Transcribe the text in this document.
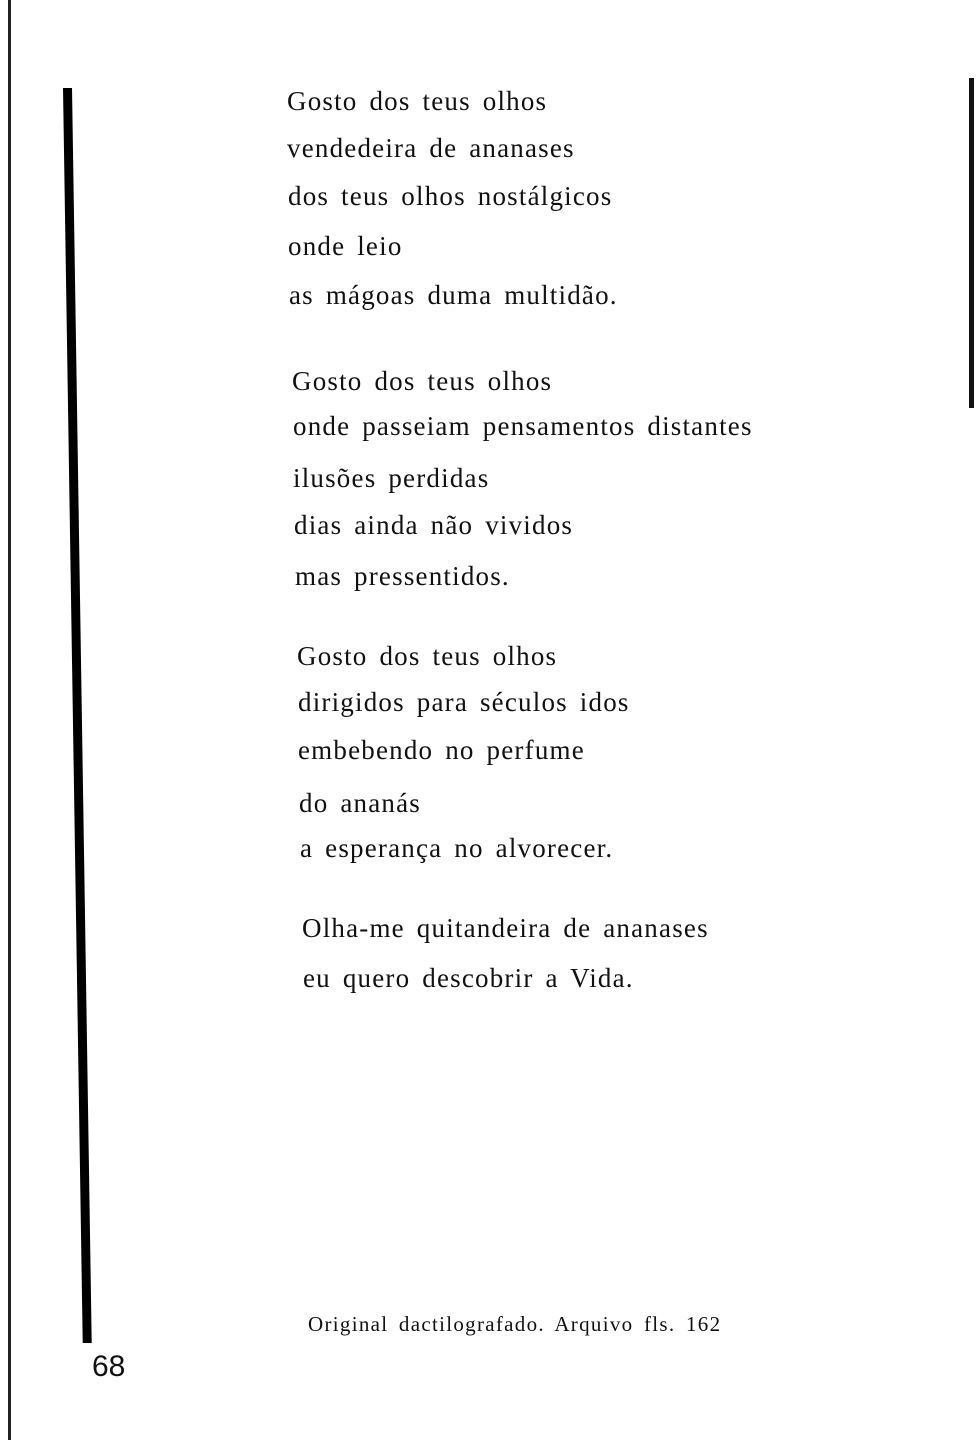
Gosto dos teus olhos
vendedeira de ananases
dos teus olhos nostálgicos
onde leio
as mágoas duma multidão.
Gosto dos teus olhos
onde passeiam pensamentos distantes
ilusões perdidas
dias ainda não vividos
mas pressentidos.
Gosto dos teus olhos
dirigidos para séculos idos
embebendo no perfume
do ananás
a esperança no alvorecer.
Olha-me quitandeira de ananases
eu quero descobrir a Vida.
Original dactilografado. Arquivo fls. 162
68
